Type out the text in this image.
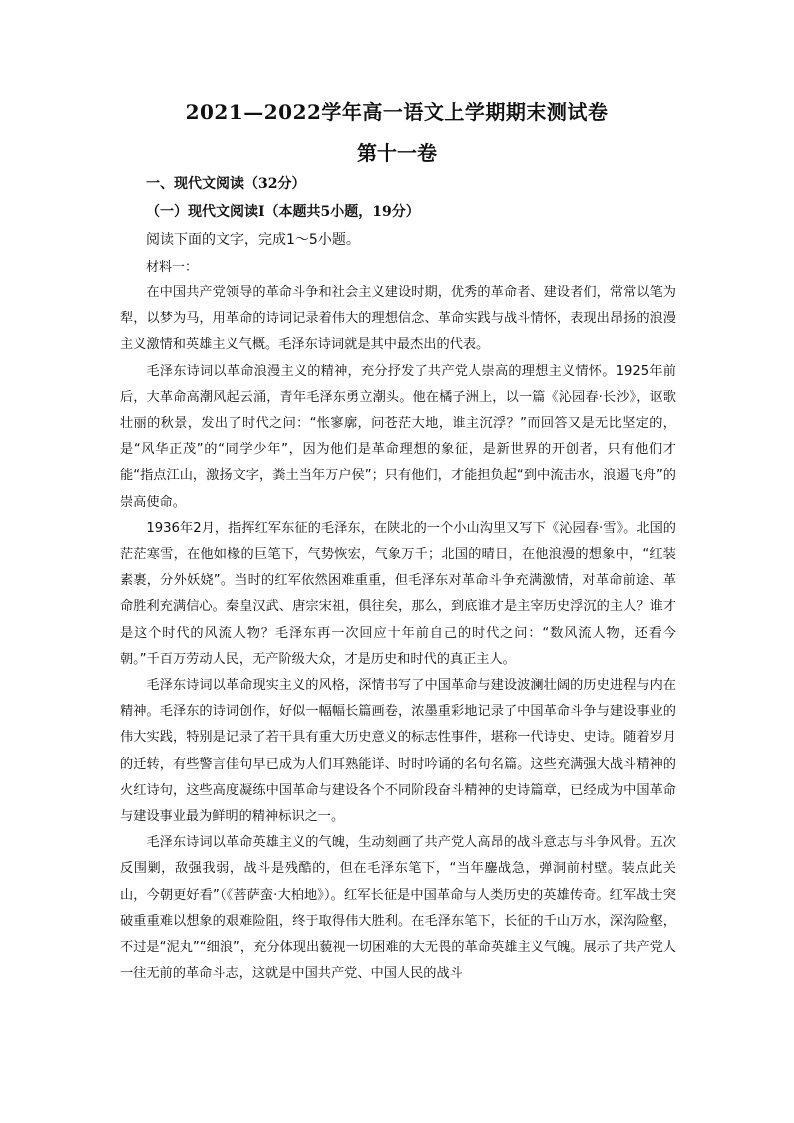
2021—2022学年高一语文上学期期末测试卷
第十一卷
一、现代文阅读（32分）
（一）现代文阅读Ⅰ（本题共5小题，19分）
阅读下面的文字，完成1～5小题。
材料一：

在中国共产党领导的革命斗争和社会主义建设时期，优秀的革命者、建设者们，常常以笔为犁，以梦为马，用革命的诗词记录着伟大的理想信念、革命实践与战斗情怀，表现出昂扬的浪漫主义激情和英雄主义气概。毛泽东诗词就是其中最杰出的代表。

毛泽东诗词以革命浪漫主义的精神，充分抒发了共产党人崇高的理想主义情怀。1925年前后，大革命高潮风起云涌，青年毛泽东勇立潮头。他在橘子洲上，以一篇《沁园春·长沙》，讴歌壮丽的秋景，发出了时代之问：“怅寥廓，问苍茫大地，谁主沉浮？”而回答又是无比坚定的，是“风华正茂”的“同学少年”，因为他们是革命理想的象征，是新世界的开创者，只有他们才能“指点江山，激扬文字，粪土当年万户侯”；只有他们，才能担负起“到中流击水，浪遏飞舟”的崇高使命。

1936年2月，指挥红军东征的毛泽东，在陕北的一个小山沟里又写下《沁园春·雪》。北国的茫茫寒雪，在他如椽的巨笔下，气势恢宏，气象万千；北国的晴日，在他浪漫的想象中，“红装素裹，分外妖娆”。当时的红军依然困难重重，但毛泽东对革命斗争充满激情，对革命前途、革命胜利充满信心。秦皇汉武、唐宗宋祖，俱往矣，那么，到底谁才是主宰历史浮沉的主人？谁才是这个时代的风流人物？毛泽东再一次回应十年前自己的时代之问：“数风流人物，还看今朝。”千百万劳动人民，无产阶级大众，才是历史和时代的真正主人。

毛泽东诗词以革命现实主义的风格，深情书写了中国革命与建设波澜壮阔的历史进程与内在精神。毛泽东的诗词创作，好似一幅幅长篇画卷，浓墨重彩地记录了中国革命斗争与建设事业的伟大实践，特别是记录了若干具有重大历史意义的标志性事件，堪称一代诗史、史诗。随着岁月的迁转，有些警言佳句早已成为人们耳熟能详、时时吟诵的名句名篇。这些充满强大战斗精神的火红诗句，这些高度凝练中国革命与建设各个不同阶段奋斗精神的史诗篇章，已经成为中国革命与建设事业最为鲜明的精神标识之一。

毛泽东诗词以革命英雄主义的气魄，生动刻画了共产党人高昂的战斗意志与斗争风骨。五次反围剿，敌强我弱，战斗是残酷的，但在毛泽东笔下，“当年鏖战急，弹洞前村壁。装点此关山，今朝更好看”（《菩萨蛮·大柏地》）。红军长征是中国革命与人类历史的英雄传奇。红军战士突破重重难以想象的艰难险阻，终于取得伟大胜利。在毛泽东笔下，长征的千山万水，深沟险壑，不过是“泥丸”“细浪”，充分体现出藐视一切困难的大无畏的革命英雄主义气魄。展示了共产党人一往无前的革命斗志，这就是中国共产党、中国人民的战斗
